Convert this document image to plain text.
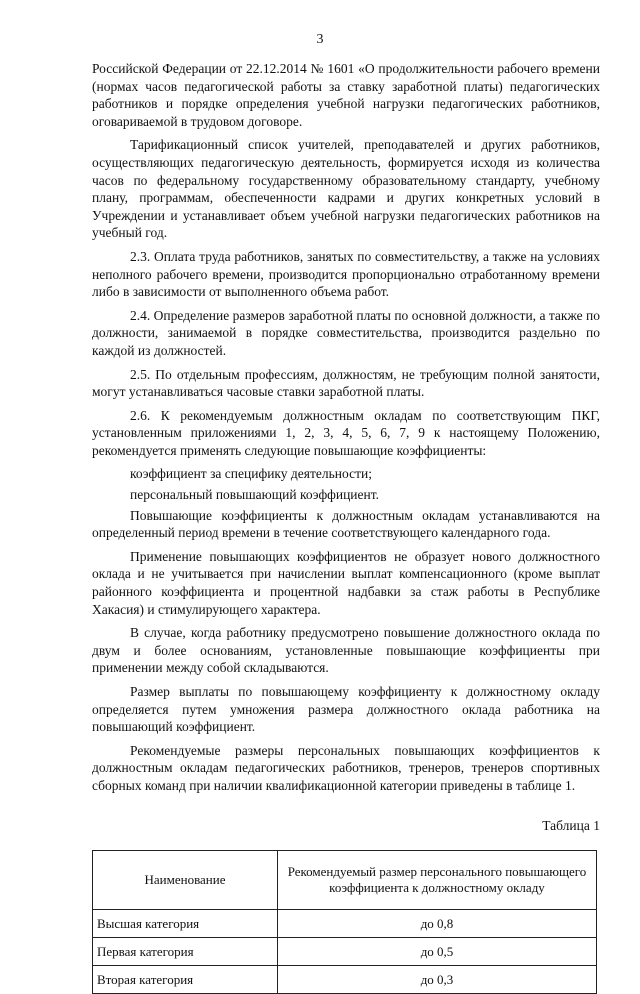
3

Российской Федерации от 22.12.2014 № 1601 «О продолжительности рабочего времени (нормах часов педагогической работы за ставку заработной платы) педагогических работников и порядке определения учебной нагрузки педагогических работников, оговариваемой в трудовом договоре.

Тарификационный список учителей, преподавателей и других работников, осуществляющих педагогическую деятельность, формируется исходя из количества часов по федеральному государственному образовательному стандарту, учебному плану, программам, обеспеченности кадрами и других конкретных условий в Учреждении и устанавливает объем учебной нагрузки педагогических работников на учебный год.

2.3. Оплата труда работников, занятых по совместительству, а также на условиях неполного рабочего времени, производится пропорционально отработанному времени либо в зависимости от выполненного объема работ.

2.4. Определение размеров заработной платы по основной должности, а также по должности, занимаемой в порядке совместительства, производится раздельно по каждой из должностей.

2.5. По отдельным профессиям, должностям, не требующим полной занятости, могут устанавливаться часовые ставки заработной платы.

2.6. К рекомендуемым должностным окладам по соответствующим ПКГ, установленным приложениями 1, 2, 3, 4, 5, 6, 7, 9 к настоящему Положению, рекомендуется применять следующие повышающие коэффициенты:

коэффициент за специфику деятельности;

персональный повышающий коэффициент.

Повышающие коэффициенты к должностным окладам устанавливаются на определенный период времени в течение соответствующего календарного года.

Применение повышающих коэффициентов не образует нового должностного оклада и не учитывается при начислении выплат компенсационного (кроме выплат районного коэффициента и процентной надбавки за стаж работы в Республике Хакасия) и стимулирующего характера.

В случае, когда работнику предусмотрено повышение должностного оклада по двум и более основаниям, установленные повышающие коэффициенты при применении между собой складываются.

Размер выплаты по повышающему коэффициенту к должностному окладу определяется путем умножения размера должностного оклада работника на повышающий коэффициент.

Рекомендуемые размеры персональных повышающих коэффициентов к должностным окладам педагогических работников, тренеров, тренеров спортивных сборных команд при наличии квалификационной категории приведены в таблице 1.

Таблица 1
Наименование	Рекомендуемый размер персонального повышающего коэффициента к должностному окладу
Высшая категория	до 0,8
Первая категория	до 0,5
Вторая категория	до 0,3
